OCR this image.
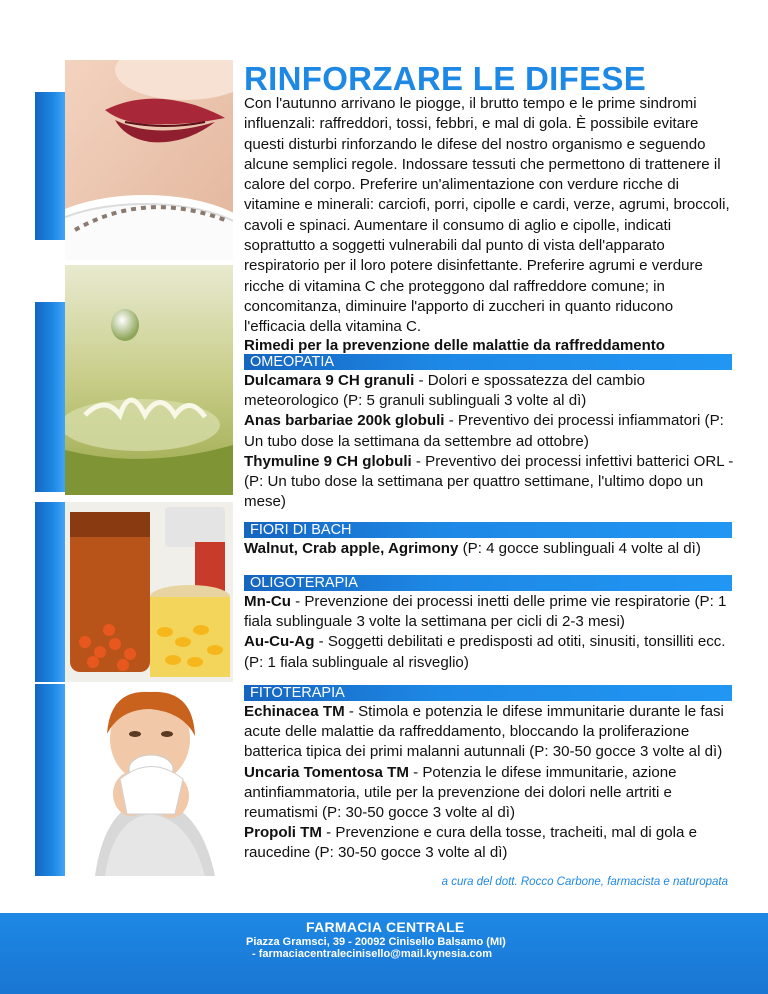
RINFORZARE LE DIFESE

Con l'autunno arrivano le piogge, il brutto tempo e le prime sindromi influenzali: raffreddori, tossi, febbri, e mal di gola. È possibile evitare questi disturbi rinforzando le difese del nostro organismo e seguendo alcune semplici regole. Indossare tessuti che permettono di trattenere il calore del corpo. Preferire un'alimentazione con verdure ricche di vitamine e minerali: carciofi, porri, cipolle e cardi, verze, agrumi, broccoli, cavoli e spinaci. Aumentare il consumo di aglio e cipolle, indicati soprattutto a soggetti vulnerabili dal punto di vista dell'apparato respiratorio per il loro potere disinfettante. Preferire agrumi e verdure ricche di vitamina C che proteggono dal raffreddore comune; in concomitanza, diminuire l'apporto di zuccheri in quanto riducono l'efficacia della vitamina C.

Rimedi per la prevenzione delle malattie da raffreddamento

OMEOPATIA
Dulcamara 9 CH granuli - Dolori e spossatezza del cambio meteorologico (P: 5 granuli sublinguali 3 volte al dì)
Anas barbariae 200k globuli - Preventivo dei processi infiammatori (P: Un tubo dose la settimana da settembre ad ottobre)
Thymuline 9 CH globuli - Preventivo dei processi infettivi batterici ORL - (P: Un tubo dose la settimana per quattro settimane, l'ultimo dopo un mese)
FIORI DI BACH
Walnut, Crab apple, Agrimony (P: 4 gocce sublinguali 4 volte al dì)
OLIGOTERAPIA
Mn-Cu - Prevenzione dei processi inetti delle prime vie respiratorie (P: 1 fiala sublinguale 3 volte la settimana per cicli di 2-3 mesi)
Au-Cu-Ag - Soggetti debilitati e predisposti ad otiti, sinusiti, tonsilliti ecc. (P: 1 fiala sublinguale al risveglio)
FITOTERAPIA
Echinacea TM - Stimola e potenzia le difese immunitarie durante le fasi acute delle malattie da raffreddamento, bloccando la proliferazione batterica tipica dei primi malanni autunnali (P: 30-50 gocce 3 volte al dì)
Uncaria Tomentosa TM - Potenzia le difese immunitarie, azione antinfiammatoria, utile per la prevenzione dei dolori nelle artriti e reumatismi (P: 30-50 gocce 3 volte al dì)
Propoli TM - Prevenzione e cura della tosse, tracheiti, mal di gola e raucedine (P: 30-50 gocce 3 volte al dì)
a cura del dott. Rocco Carbone, farmacista e naturopata
FARMACIA CENTRALE
Piazza Gramsci, 39 - 20092 Cinisello Balsamo (MI)
- farmaciacentralecinisello@mail.kynesia.com
